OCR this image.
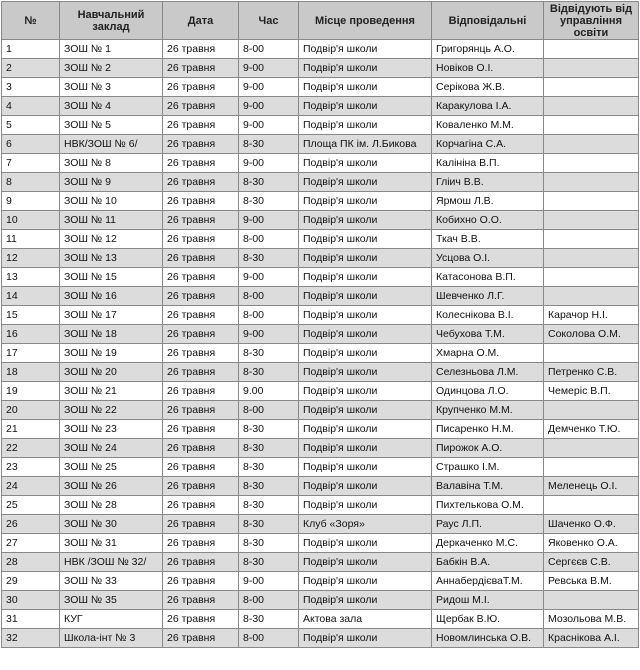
№	Навчальний заклад	Дата	Час	Місце проведення	Відповідальні	Відвідують від управління освіти
1	ЗОШ № 1	26 травня	8-00	Подвір'я школи	Григорянць А.О.	
2	ЗОШ № 2	26 травня	9-00	Подвір'я школи	Новіков О.І.	
3	ЗОШ № 3	26 травня	9-00	Подвір'я школи	Серікова Ж.В.	
4	ЗОШ № 4	26 травня	9-00	Подвір'я школи	Каракулова І.А.	
5	ЗОШ № 5	26 травня	9-00	Подвір'я школи	Коваленко М.М.	
6	НВК/ЗОШ № 6/	26 травня	8-30	Площа ПК ім. Л.Бикова	Корчагіна С.А.	
7	ЗОШ № 8	26 травня	9-00	Подвір'я школи	Калініна В.П.	
8	ЗОШ № 9	26 травня	8-30	Подвір'я школи	Гліич В.В.	
9	ЗОШ № 10	26 травня	8-30	Подвір'я школи	Ярмош Л.В.	
10	ЗОШ № 11	26 травня	9-00	Подвір'я школи	Кобихно О.О.	
11	ЗОШ № 12	26 травня	8-00	Подвір'я школи	Ткач В.В.	
12	ЗОШ № 13	26 травня	8-30	Подвір'я школи	Усцова О.І.	
13	ЗОШ № 15	26 травня	9-00	Подвір'я школи	Катасонова В.П.	
14	ЗОШ № 16	26 травня	8-00	Подвір'я школи	Шевченко Л.Г.	
15	ЗОШ № 17	26 травня	8-00	Подвір'я школи	Колеснікова В.І.	Карачор Н.І.
16	ЗОШ № 18	26 травня	9-00	Подвір'я школи	Чебухова Т.М.	Соколова О.М.
17	ЗОШ № 19	26 травня	8-30	Подвір'я школи	Хмарна О.М.	
18	ЗОШ № 20	26 травня	8-30	Подвір'я школи	Селезньова Л.М.	Петренко С.В.
19	ЗОШ № 21	26 травня	9.00	Подвір'я школи	Одинцова Л.О.	Чемеріс В.П.
20	ЗОШ № 22	26 травня	8-00	Подвір'я школи	Крупченко М.М.	
21	ЗОШ № 23	26 травня	8-30	Подвір'я школи	Писаренко Н.М.	Демченко Т.Ю.
22	ЗОШ № 24	26 травня	8-30	Подвір'я школи	Пирожок А.О.	
23	ЗОШ № 25	26 травня	8-30	Подвір'я школи	Страшко І.М.	
24	ЗОШ № 26	26 травня	8-30	Подвір'я школи	Валавіна Т.М.	Меленець О.І.
25	ЗОШ № 28	26 травня	8-30	Подвір'я школи	Пихтелькова О.М.	
26	ЗОШ № 30	26 травня	8-30	Клуб «Зоря»	Раус Л.П.	Шаченко О.Ф.
27	ЗОШ № 31	26 травня	8-30	Подвір'я школи	Деркаченко М.С.	Яковенко О.А.
28	НВК /ЗОШ № 32/	26 травня	8-30	Подвір'я школи	Бабкін В.А.	Сергєєв С.В.
29	ЗОШ № 33	26 травня	9-00	Подвір'я школи	АннабердієваТ.М.	Ревська В.М.
30	ЗОШ № 35	26 травня	8-00	Подвір'я школи	Ридош М.І.	
31	КУГ	26 травня	8-30	Актова зала	Щербак В.Ю.	Мозольова М.В.
32	Школа-інт № 3	26 травня	8-00	Подвір'я школи	Новомлинська О.В.	Краснікова А.І.
